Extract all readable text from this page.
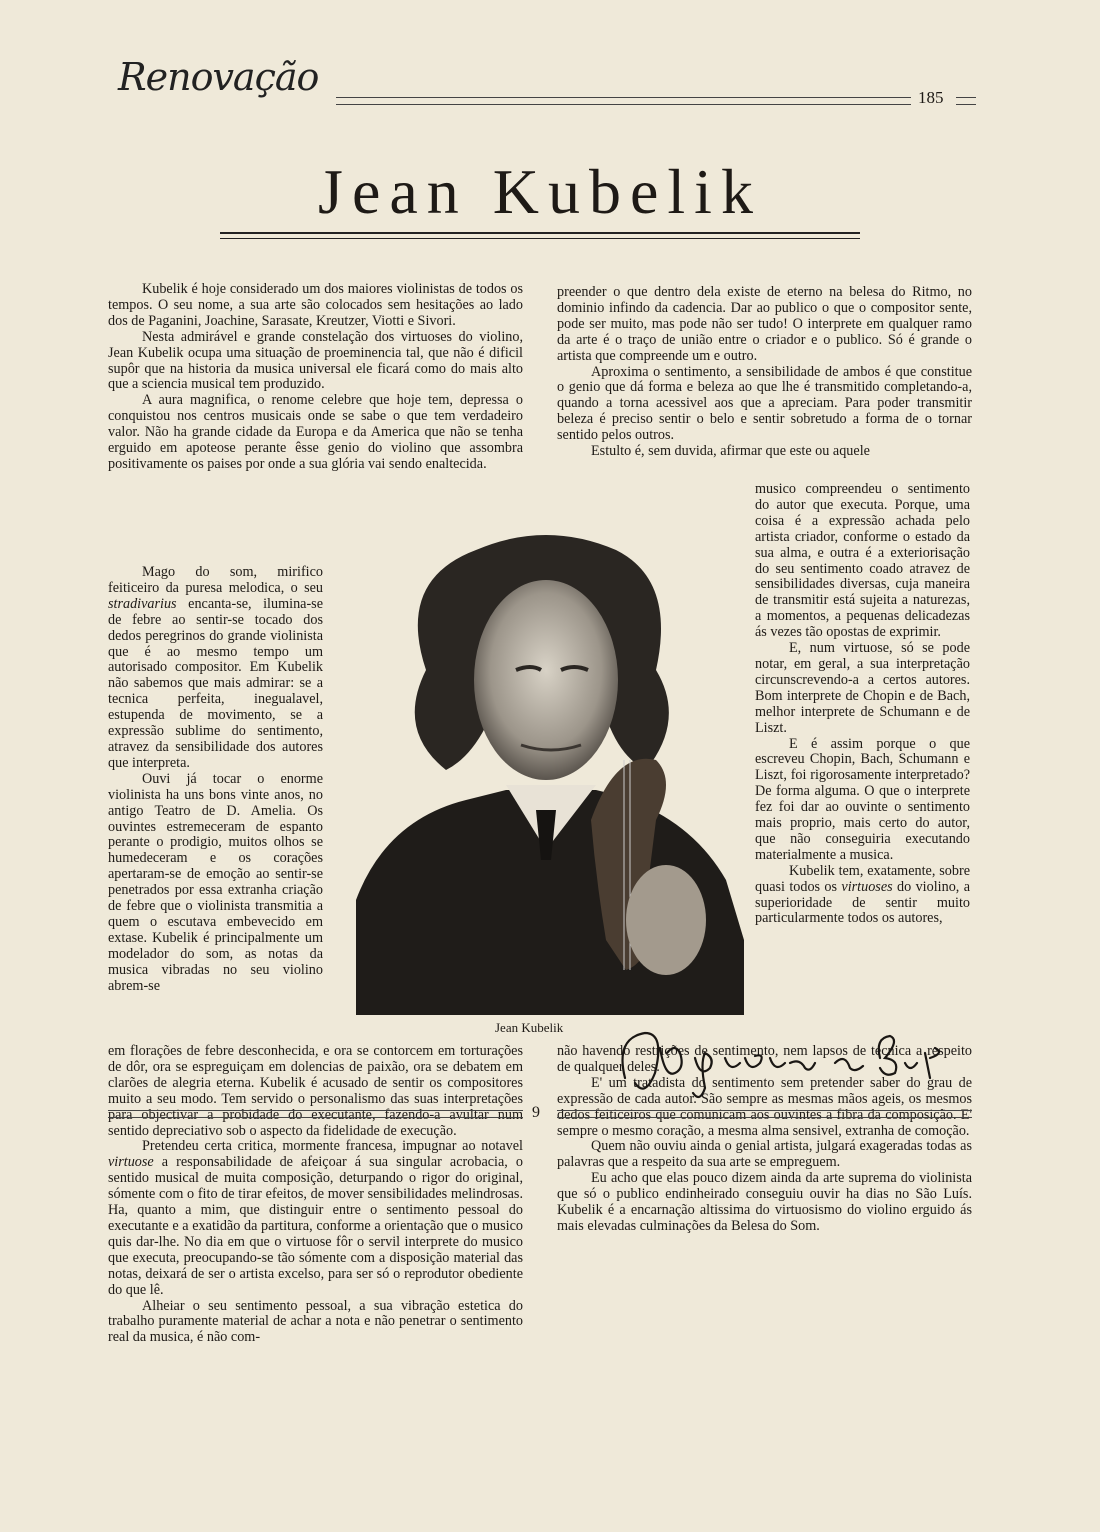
Renovação	185
Jean Kubelik

Kubelik é hoje considerado um dos maiores violinistas de todos os tempos. O seu nome, a sua arte são colocados sem hesitações ao lado dos de Paganini, Joachine, Sarasate, Kreutzer, Viotti e Sivori.

Nesta admirável e grande constelação dos virtuoses do violino, Jean Kubelik ocupa uma situação de proeminencia tal, que não é dificil supôr que na historia da musica universal ele ficará como do mais alto que a sciencia musical tem produzido.

A aura magnifica, o renome celebre que hoje tem, depressa o conquistou nos centros musicais onde se sabe o que tem verdadeiro valor. Não ha grande cidade da Europa e da America que não se tenha erguido em apoteose perante êsse genio do violino que assombra positivamente os paises por onde a sua glória vai sendo enaltecida.

Mago do som, mirifico feiticeiro da puresa melodica, o seu stradivarius encanta-se, ilumina-se de febre ao sentir-se tocado dos dedos peregrinos do grande violinista que é ao mesmo tempo um autorisado compositor. Em Kubelik não sabemos que mais admirar: se a tecnica perfeita, inegualavel, estupenda de movimento, se a expressão sublime do sentimento, atravez da sensibilidade dos autores que interpreta.

Ouvi já tocar o enorme violinista ha uns bons vinte anos, no antigo Teatro de D. Amelia. Os ouvintes estremeceram de espanto perante o prodigio, muitos olhos se humedeceram e os corações apertaram-se de emoção ao sentir-se penetrados por essa extranha criação de febre que o violinista transmitia a quem o escutava embevecido em extase. Kubelik é principalmente um modelador do som, as notas da musica vibradas no seu violino abrem-se

Jean Kubelik

em florações de febre desconhecida, e ora se contorcem em torturações de dôr, ora se espreguiçam em dolencias de paixão, ora se debatem em clarões de alegria eterna. Kubelik é acusado de sentir os compositores muito a seu modo. Tem servido o personalismo das suas interpretações para objectivar a probidade do executante, fazendo-a avultar num sentido depreciativo sob o aspecto da fidelidade de execução.

Pretendeu certa critica, mormente francesa, impugnar ao notavel virtuose a responsabilidade de afeiçoar á sua singular acrobacia, o sentido musical de muita composição, deturpando o rigor do original, sómente com o fito de tirar efeitos, de mover sensibilidades melindrosas. Ha, quanto a mim, que distinguir entre o sentimento pessoal do executante e a exatidão da partitura, conforme a orientação que o musico quis dar-lhe. No dia em que o virtuose fôr o servil interprete do musico que executa, preocupando-se tão sómente com a disposição material das notas, deixará de ser o artista excelso, para ser só o reprodutor obediente do que lê.

Alheiar o seu sentimento pessoal, a sua vibração estetica do trabalho puramente material de achar a nota e não penetrar o sentimento real da musica, é não com-

preender o que dentro dela existe de eterno na belesa do Ritmo, no dominio infindo da cadencia. Dar ao publico o que o compositor sente, pode ser muito, mas pode não ser tudo! O interprete em qualquer ramo da arte é o traço de união entre o criador e o publico. Só é grande o artista que compreende um e outro.

Aproxima o sentimento, a sensibilidade de ambos é que constitue o genio que dá forma e beleza ao que lhe é transmitido completando-a, quando a torna acessivel aos que a apreciam. Para poder transmitir beleza é preciso sentir o belo e sentir sobretudo a forma de o tornar sentido pelos outros.

Estulto é, sem duvida, afirmar que este ou aquele

musico compreendeu o sentimento do autor que executa. Porque, uma coisa é a expressão achada pelo artista criador, conforme o estado da sua alma, e outra é a exteriorisação do seu sentimento coado atravez de sensibilidades diversas, cuja maneira de transmitir está sujeita a naturezas, a momentos, a pequenas delicadezas ás vezes tão opostas de exprimir.

E, num virtuose, só se pode notar, em geral, a sua interpretação circunscrevendo-a a certos autores. Bom interprete de Chopin e de Bach, melhor interprete de Schumann e de Liszt.

E é assim porque o que escreveu Chopin, Bach, Schumann e Liszt, foi rigorosamente interpretado? De forma alguma. O que o interprete fez foi dar ao ouvinte o sentimento mais proprio, mais certo do autor, que não conseguiria executando materialmente a musica.

Kubelik tem, exatamente, sobre quasi todos os virtuoses do violino, a superioridade de sentir muito particularmente todos os autores,

não havendo restrições de sentimento, nem lapsos de tecnica a respeito de qualquer deles.

E' um tratadista do sentimento sem pretender saber do grau de expressão de cada autor. São sempre as mesmas mãos ageis, os mesmos dedos feiticeiros que comunicam aos ouvintes a fibra da composição. E' sempre o mesmo coração, a mesma alma sensivel, extranha de comoção.

Quem não ouviu ainda o genial artista, julgará exageradas todas as palavras que a respeito da sua arte se empreguem.

Eu acho que elas pouco dizem ainda da arte suprema do violinista que só o publico endinheirado conseguiu ouvir ha dias no São Luís. Kubelik é a encarnação altissima do virtuosismo do violino erguido ás mais elevadas culminações da Belesa do Som.

9
